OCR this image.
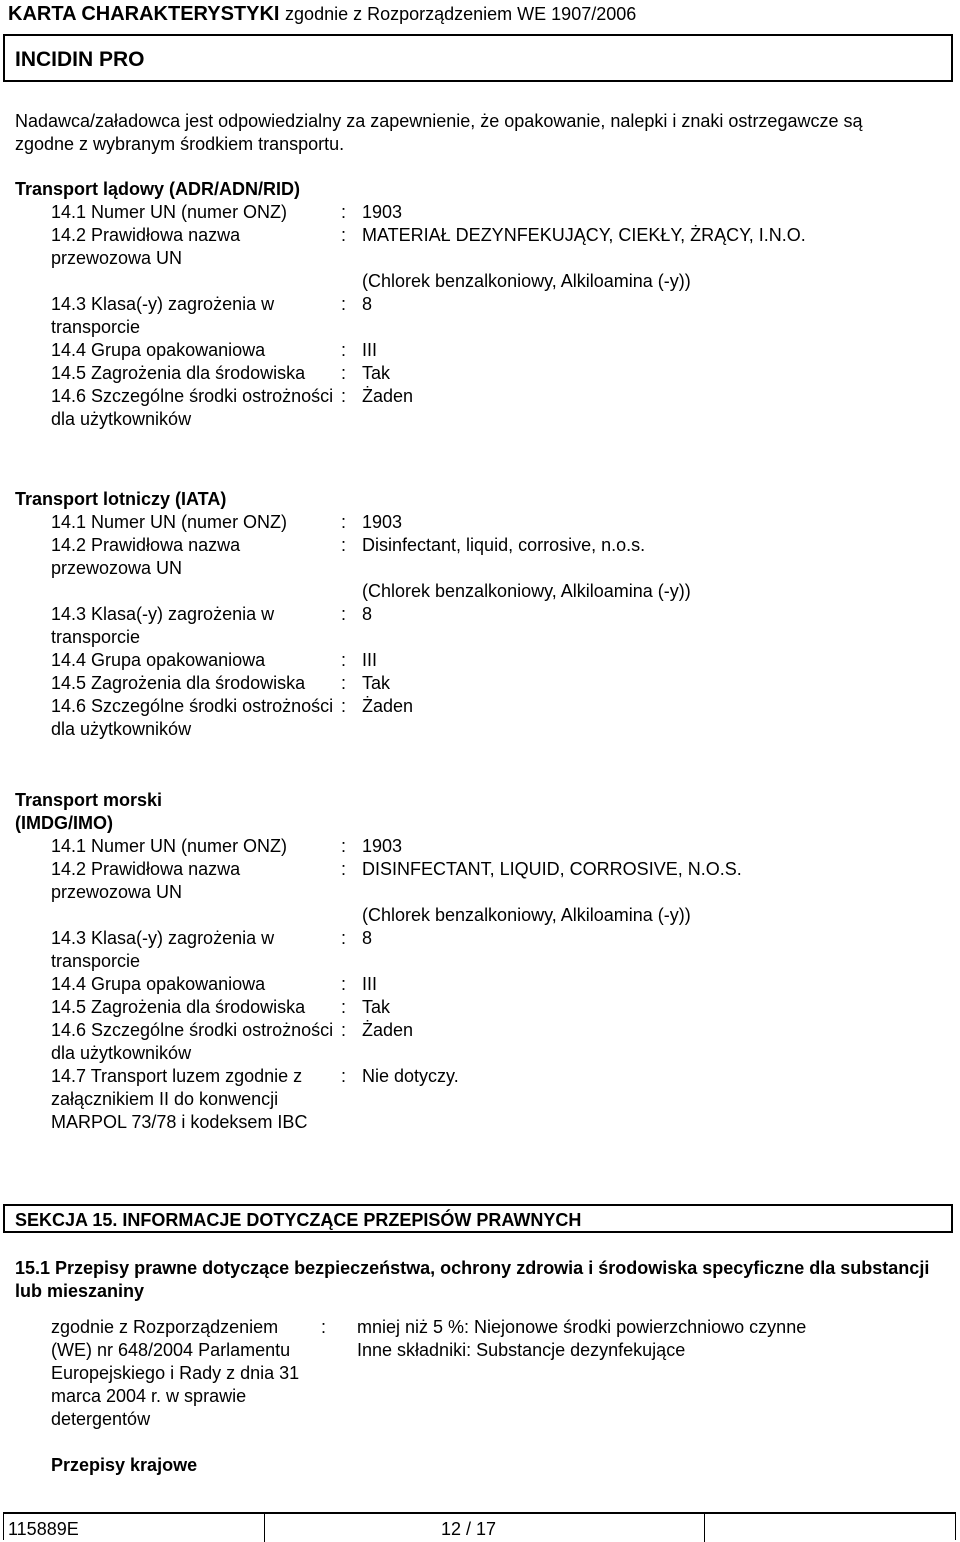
KARTA CHARAKTERYSTYKI zgodnie z Rozporządzeniem WE 1907/2006
INCIDIN PRO
Nadawca/załadowca jest odpowiedzialny za zapewnienie, że opakowanie, nalepki i znaki ostrzegawcze są zgodne z wybranym środkiem transportu.
Transport lądowy (ADR/ADN/RID)
14.1 Numer UN (numer ONZ)	: 1903
14.2 Prawidłowa nazwa przewozowa UN
: MATERIAŁ DEZYNFEKUJĄCY, CIEKŁY, ŻRĄCY, I.N.O.
(Chlorek benzalkoniowy, Alkiloamina (-y))
14.3 Klasa(-y) zagrożenia w transporcie
: 8
14.4 Grupa opakowaniowa	: III
14.5 Zagrożenia dla środowiska	: Tak
14.6 Szczególne środki ostrożności dla użytkowników
: Żaden
Transport lotniczy (IATA)
14.1 Numer UN (numer ONZ)	: 1903
14.2 Prawidłowa nazwa przewozowa UN
: Disinfectant, liquid, corrosive, n.o.s.
(Chlorek benzalkoniowy, Alkiloamina (-y))
14.3 Klasa(-y) zagrożenia w transporcie
: 8
14.4 Grupa opakowaniowa	: III
14.5 Zagrożenia dla środowiska	: Tak
14.6 Szczególne środki ostrożności dla użytkowników
: Żaden
Transport morski (IMDG/IMO)
14.1 Numer UN (numer ONZ)	: 1903
14.2 Prawidłowa nazwa przewozowa UN
: DISINFECTANT, LIQUID, CORROSIVE, N.O.S.
(Chlorek benzalkoniowy, Alkiloamina (-y))
14.3 Klasa(-y) zagrożenia w transporcie
: 8
14.4 Grupa opakowaniowa	: III
14.5 Zagrożenia dla środowiska	: Tak
14.6 Szczególne środki ostrożności dla użytkowników
: Żaden
14.7 Transport luzem zgodnie z załącznikiem II do konwencji MARPOL 73/78 i kodeksem IBC
: Nie dotyczy.
SEKCJA 15. INFORMACJE DOTYCZĄCE PRZEPISÓW PRAWNYCH
15.1 Przepisy prawne dotyczące bezpieczeństwa, ochrony zdrowia i środowiska specyficzne dla substancji lub mieszaniny
zgodnie z Rozporządzeniem (WE) nr 648/2004 Parlamentu Europejskiego i Rady z dnia 31 marca 2004 r. w sprawie detergentów
:	mniej niż 5 %: Niejonowe środki powierzchniowo czynne
Inne składniki: Substancje dezynfekujące
Przepisy krajowe
115889E	12 / 17
